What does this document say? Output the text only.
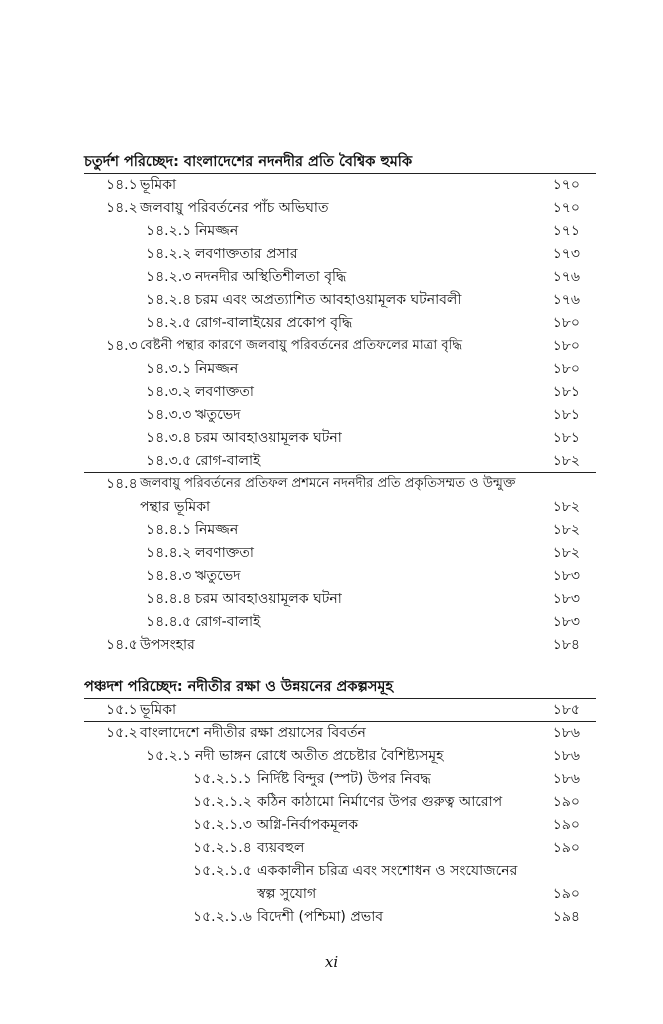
চতুর্দশ পরিচ্ছেদ: বাংলাদেশের নদনদীর প্রতি বৈশ্বিক হুমকি
১৪.১ ভূমিকা	১৭০
১৪.২ জলবায়ু পরিবর্তনের পাঁচ অভিঘাত	১৭০
১৪.২.১ নিমজ্জন	১৭১
১৪.২.২ লবণাক্ততার প্রসার	১৭৩
১৪.২.৩ নদনদীর অস্থিতিশীলতা বৃদ্ধি	১৭৬
১৪.২.৪ চরম এবং অপ্রত্যাশিত আবহাওয়ামূলক ঘটনাবলী	১৭৬
১৪.২.৫ রোগ-বালাইয়ের প্রকোপ বৃদ্ধি	১৮০
১৪.৩ বেষ্টনী পন্থার কারণে জলবায়ু পরিবর্তনের প্রতিফলের মাত্রা বৃদ্ধি	১৮০
১৪.৩.১ নিমজ্জন	১৮০
১৪.৩.২ লবণাক্ততা	১৮১
১৪.৩.৩ ঋতুভেদ	১৮১
১৪.৩.৪ চরম আবহাওয়ামূলক ঘটনা	১৮১
১৪.৩.৫ রোগ-বালাই	১৮২
১৪.৪ জলবায়ু পরিবর্তনের প্রতিফল প্রশমনে নদনদীর প্রতি প্রকৃতিসম্মত ও উন্মুক্ত
পন্থার ভূমিকা	১৮২
১৪.৪.১ নিমজ্জন	১৮২
১৪.৪.২ লবণাক্ততা	১৮২
১৪.৪.৩ ঋতুভেদ	১৮৩
১৪.৪.৪ চরম আবহাওয়ামূলক ঘটনা	১৮৩
১৪.৪.৫ রোগ-বালাই	১৮৩
১৪.৫ উপসংহার	১৮৪
পঞ্চদশ পরিচ্ছেদ: নদীতীর রক্ষা ও উন্নয়নের প্রকল্পসমূহ
১৫.১ ভূমিকা	১৮৫
১৫.২ বাংলাদেশে নদীতীর রক্ষা প্রয়াসের বিবর্তন	১৮৬
১৫.২.১ নদী ভাঙ্গন রোধে অতীত প্রচেষ্টার বৈশিষ্ট্যসমূহ	১৮৬
১৫.২.১.১ নির্দিষ্ট বিন্দুর (স্পট) উপর নিবদ্ধ	১৮৬
১৫.২.১.২ কঠিন কাঠামো নির্মাণের উপর গুরুত্ব আরোপ	১৯০
১৫.২.১.৩ অগ্নি-নির্বাপকমূলক	১৯০
১৫.২.১.৪ ব্যয়বহুল	১৯০
১৫.২.১.৫ এককালীন চরিত্র এবং সংশোধন ও সংযোজনের
স্বল্প সুযোগ	১৯০
১৫.২.১.৬ বিদেশী (পশ্চিমা) প্রভাব	১৯৪
xi
